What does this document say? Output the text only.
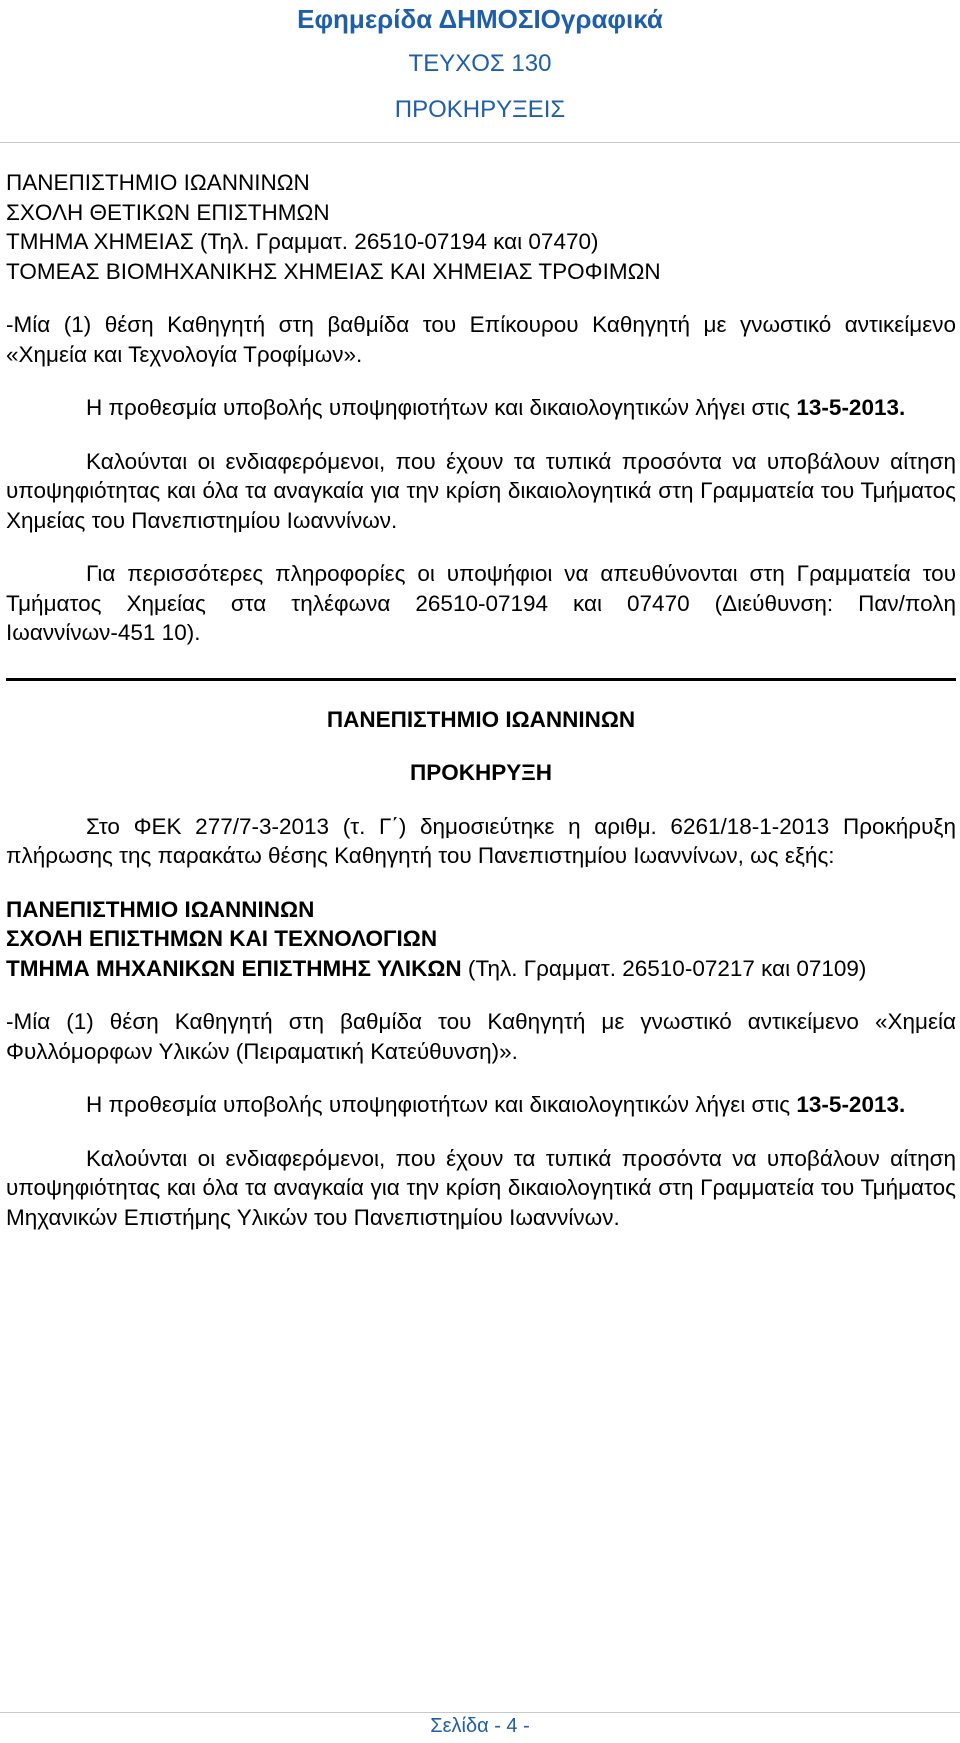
Εφημερίδα ΔΗΜΟΣΙΟγραφικά
ΤΕΥΧΟΣ 130
ΠΡΟΚΗΡΥΞΕΙΣ

ΠΑΝΕΠΙΣΤΗΜΙΟ ΙΩΑΝΝΙΝΩΝ

ΣΧΟΛΗ ΘΕΤΙΚΩΝ ΕΠΙΣΤΗΜΩΝ

ΤΜΗΜΑ ΧΗΜΕΙΑΣ (Τηλ. Γραμματ. 26510-07194 και 07470)

ΤΟΜΕΑΣ ΒΙΟΜΗΧΑΝΙΚΗΣ ΧΗΜΕΙΑΣ ΚΑΙ ΧΗΜΕΙΑΣ ΤΡΟΦΙΜΩΝ

-Μία (1) θέση Καθηγητή στη βαθμίδα του Επίκουρου Καθηγητή με γνωστικό αντικείμενο «Χημεία και Τεχνολογία Τροφίμων».

Η προθεσμία υποβολής υποψηφιοτήτων και δικαιολογητικών λήγει στις 13-5-2013.

Καλούνται οι ενδιαφερόμενοι, που έχουν τα τυπικά προσόντα να υποβάλουν αίτηση υποψηφιότητας και όλα τα αναγκαία για την κρίση δικαιολογητικά στη Γραμματεία του Τμήματος Χημείας του Πανεπιστημίου Ιωαννίνων.

Για περισσότερες πληροφορίες οι υποψήφιοι να απευθύνονται στη Γραμματεία του Τμήματος Χημείας στα τηλέφωνα 26510-07194 και 07470 (Διεύθυνση: Παν/πολη Ιωαννίνων-451 10).

ΠΑΝΕΠΙΣΤΗΜΙΟ ΙΩΑΝΝΙΝΩΝ

ΠΡΟΚΗΡΥΞΗ

Στο ΦΕΚ 277/7-3-2013 (τ. Γ΄) δημοσιεύτηκε η αριθμ. 6261/18-1-2013 Προκήρυξη πλήρωσης της παρακάτω θέσης Καθηγητή του Πανεπιστημίου Ιωαννίνων, ως εξής:

ΠΑΝΕΠΙΣΤΗΜΙΟ ΙΩΑΝΝΙΝΩΝ

ΣΧΟΛΗ ΕΠΙΣΤΗΜΩΝ ΚΑΙ ΤΕΧΝΟΛΟΓΙΩΝ

ΤΜΗΜΑ ΜΗΧΑΝΙΚΩΝ ΕΠΙΣΤΗΜΗΣ ΥΛΙΚΩΝ (Τηλ. Γραμματ. 26510-07217 και 07109)

-Μία (1) θέση Καθηγητή στη βαθμίδα του Καθηγητή με γνωστικό αντικείμενο «Χημεία Φυλλόμορφων Υλικών (Πειραματική Κατεύθυνση)».

Η προθεσμία υποβολής υποψηφιοτήτων και δικαιολογητικών λήγει στις 13-5-2013.

Καλούνται οι ενδιαφερόμενοι, που έχουν τα τυπικά προσόντα να υποβάλουν αίτηση υποψηφιότητας και όλα τα αναγκαία για την κρίση δικαιολογητικά στη Γραμματεία του Τμήματος Μηχανικών Επιστήμης Υλικών του Πανεπιστημίου Ιωαννίνων.

Σελίδα - 4 -
